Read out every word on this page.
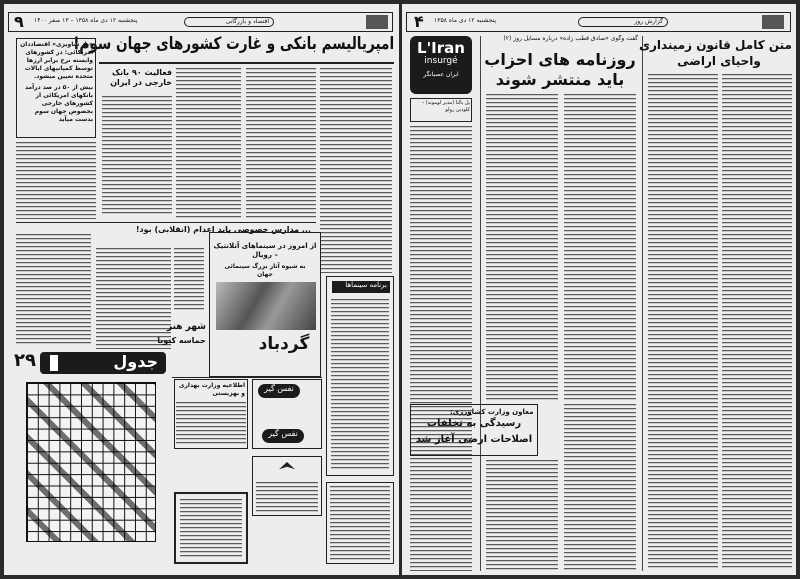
۹ پنجشنبه ۱۲ دی ماه ۱۳۵۸ – ۱۳ صفر ۱۴۰۰	اقتصاد و بازرگانی
امپریالیسم بانکی و غارت کشورهای جهان سوم!
«پل ساویزی» اقتصاددان امریکائی: در کشورهای وابسته نرخ برابر ارزها توسط کمپانیهای ایالات متحده تعیین میشود.
بیش از ۵۰ در صد درآمد بانکهای امریکائی از کشورهای خارجی بخصوص جهان سوم بدست میآید
فعالیت ۹۰ بانک خارجی در ایران
... مدارس خصوصی باید اعدام (انقلابی) بود!
شهر هنر
حماسه کنوبا
۲۹	جدول
از امروز در سینماهای آتلانتیک – رویال
به شیوه آثار بزرگ سینمائی جهان
گردباد
برنامه سینماها
اطلاعیه وزارت بهداری و بهزیستی
نفس گیر
نفس گیر
۴ پنجشنبه ۱۲ دی ماه ۱۳۵۸	گزارش روز
L'Iran
insurgé
ایران عصیانگر
پل بالتا (مدیر لوموند) – کلودین رولو
گفت وگوی «صادق قطب زاده» درباره مسایل روز (۲)
روزنامه های احزاب
باید منتشر شوند
متن کامل قانون زمینداری
واحیای اراضی
معاون وزارت کشاورزی:
رسیدگی به تخلفات
اصلاحات ارضی آغاز شد
